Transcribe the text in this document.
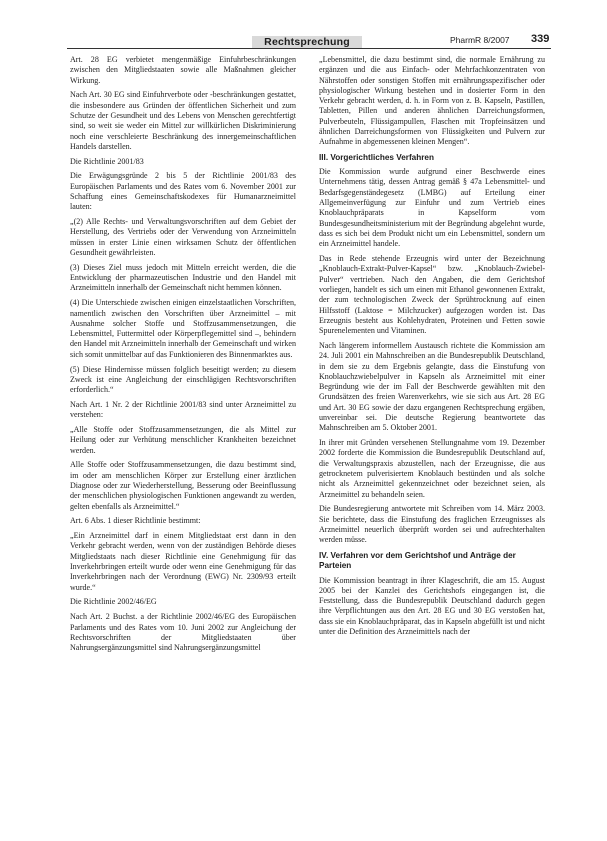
Rechtsprechung	PharmR 8/2007 339

Art. 28 EG verbietet mengenmäßige Einfuhrbeschränkungen zwischen den Mitgliedstaaten sowie alle Maßnahmen gleicher Wirkung.

Nach Art. 30 EG sind Einfuhrverbote oder -beschränkungen gestattet, die insbesondere aus Gründen der öffentlichen Sicherheit und zum Schutze der Gesundheit und des Lebens von Menschen gerechtfertigt sind, so weit sie weder ein Mittel zur willkürlichen Diskriminierung noch eine verschleierte Beschränkung des innergemeinschaftlichen Handels darstellen.

Die Richtlinie 2001/83

Die Erwägungsgründe 2 bis 5 der Richtlinie 2001/83 des Europäischen Parlaments und des Rates vom 6. November 2001 zur Schaffung eines Gemeinschaftskodexes für Humanarzneimittel lauten:

„(2) Alle Rechts- und Verwaltungsvorschriften auf dem Gebiet der Herstellung, des Vertriebs oder der Verwendung von Arzneimitteln müssen in erster Linie einen wirksamen Schutz der öffentlichen Gesundheit gewährleisten.

(3) Dieses Ziel muss jedoch mit Mitteln erreicht werden, die die Entwicklung der pharmazeutischen Industrie und den Handel mit Arzneimitteln innerhalb der Gemeinschaft nicht hemmen können.

(4) Die Unterschiede zwischen einigen einzelstaatlichen Vorschriften, namentlich zwischen den Vorschriften über Arzneimittel – mit Ausnahme solcher Stoffe und Stoffzusammensetzungen, die Lebensmittel, Futtermittel oder Körperpflegemittel sind –, behindern den Handel mit Arzneimitteln innerhalb der Gemeinschaft und wirken sich somit unmittelbar auf das Funktionieren des Binnenmarktes aus.

(5) Diese Hindernisse müssen folglich beseitigt werden; zu diesem Zweck ist eine Angleichung der einschlägigen Rechtsvorschriften erforderlich.“

Nach Art. 1 Nr. 2 der Richtlinie 2001/83 sind unter Arzneimittel zu verstehen:

„Alle Stoffe oder Stoffzusammensetzungen, die als Mittel zur Heilung oder zur Verhütung menschlicher Krankheiten bezeichnet werden.

Alle Stoffe oder Stoffzusammensetzungen, die dazu bestimmt sind, im oder am menschlichen Körper zur Erstellung einer ärztlichen Diagnose oder zur Wiederherstellung, Besserung oder Beeinflussung der menschlichen physiologischen Funktionen angewandt zu werden, gelten ebenfalls als Arzneimittel.“

Art. 6 Abs. 1 dieser Richtlinie bestimmt:

„Ein Arzneimittel darf in einem Mitgliedstaat erst dann in den Verkehr gebracht werden, wenn von der zuständigen Behörde dieses Mitgliedstaats nach dieser Richtlinie eine Genehmigung für das Inverkehrbringen erteilt wurde oder wenn eine Genehmigung für das Inverkehrbringen nach der Verordnung (EWG) Nr. 2309/93 erteilt wurde.“

Die Richtlinie 2002/46/EG

Nach Art. 2 Buchst. a der Richtlinie 2002/46/EG des Europäischen Parlaments und des Rates vom 10. Juni 2002 zur Angleichung der Rechtsvorschriften der Mitgliedstaaten über Nahrungsergänzungsmittel sind Nahrungsergänzungsmittel

„Lebensmittel, die dazu bestimmt sind, die normale Ernährung zu ergänzen und die aus Einfach- oder Mehrfachkonzentraten von Nährstoffen oder sonstigen Stoffen mit ernährungsspezifischer oder physiologischer Wirkung bestehen und in dosierter Form in den Verkehr gebracht werden, d. h. in Form von z. B. Kapseln, Pastillen, Tabletten, Pillen und anderen ähnlichen Darreichungsformen, Pulverbeuteln, Flüssigampullen, Flaschen mit Tropfeinsätzen und ähnlichen Darreichungsformen von Flüssigkeiten und Pulvern zur Aufnahme in abgemessenen kleinen Mengen“.

III. Vorgerichtliches Verfahren

Die Kommission wurde aufgrund einer Beschwerde eines Unternehmens tätig, dessen Antrag gemäß § 47a Lebensmittel- und Bedarfsgegenständegesetz (LMBG) auf Erteilung einer Allgemeinverfügung zur Einfuhr und zum Vertrieb eines Knoblauchpräparats in Kapselform vom Bundesgesundheitsministerium mit der Begründung abgelehnt wurde, dass es sich bei dem Produkt nicht um ein Lebensmittel, sondern um ein Arzneimittel handele.

Das in Rede stehende Erzeugnis wird unter der Bezeichnung „Knoblauch-Extrakt-Pulver-Kapsel“ bzw. „Knoblauch-Zwiebel-Pulver“ vertrieben. Nach den Angaben, die dem Gerichtshof vorliegen, handelt es sich um einen mit Ethanol gewonnenen Extrakt, der zum technologischen Zweck der Sprühtrocknung auf einen Hilfsstoff (Laktose = Milchzucker) aufgezogen worden ist. Das Erzeugnis besteht aus Kohlehydraten, Proteinen und Fetten sowie Spurenelementen und Vitaminen.

Nach längerem informellem Austausch richtete die Kommission am 24. Juli 2001 ein Mahnschreiben an die Bundesrepublik Deutschland, in dem sie zu dem Ergebnis gelangte, dass die Einstufung von Knoblauchzwiebelpulver in Kapseln als Arzneimittel mit einer Begründung wie der im Fall der Beschwerde gewählten mit den Grundsätzen des freien Warenverkehrs, wie sie sich aus Art. 28 EG und Art. 30 EG sowie der dazu ergangenen Rechtsprechung ergäben, unvereinbar sei. Die deutsche Regierung beantwortete das Mahnschreiben am 5. Oktober 2001.

In ihrer mit Gründen versehenen Stellungnahme vom 19. Dezember 2002 forderte die Kommission die Bundesrepublik Deutschland auf, die Verwaltungspraxis abzustellen, nach der Erzeugnisse, die aus getrocknetem pulverisiertem Knoblauch bestünden und als solche nicht als Arzneimittel gekennzeichnet oder bezeichnet seien, als Arzneimittel zu behandeln seien.

Die Bundesregierung antwortete mit Schreiben vom 14. März 2003. Sie berichtete, dass die Einstufung des fraglichen Erzeugnisses als Arzneimittel neuerlich überprüft worden sei und aufrechterhalten werden müsse.

IV. Verfahren vor dem Gerichtshof und Anträge der Parteien

Die Kommission beantragt in ihrer Klageschrift, die am 15. August 2005 bei der Kanzlei des Gerichtshofs eingegangen ist, die Feststellung, dass die Bundesrepublik Deutschland dadurch gegen ihre Verpflichtungen aus den Art. 28 EG und 30 EG verstoßen hat, dass sie ein Knoblauchpräparat, das in Kapseln abgefüllt ist und nicht unter die Definition des Arzneimittels nach der
